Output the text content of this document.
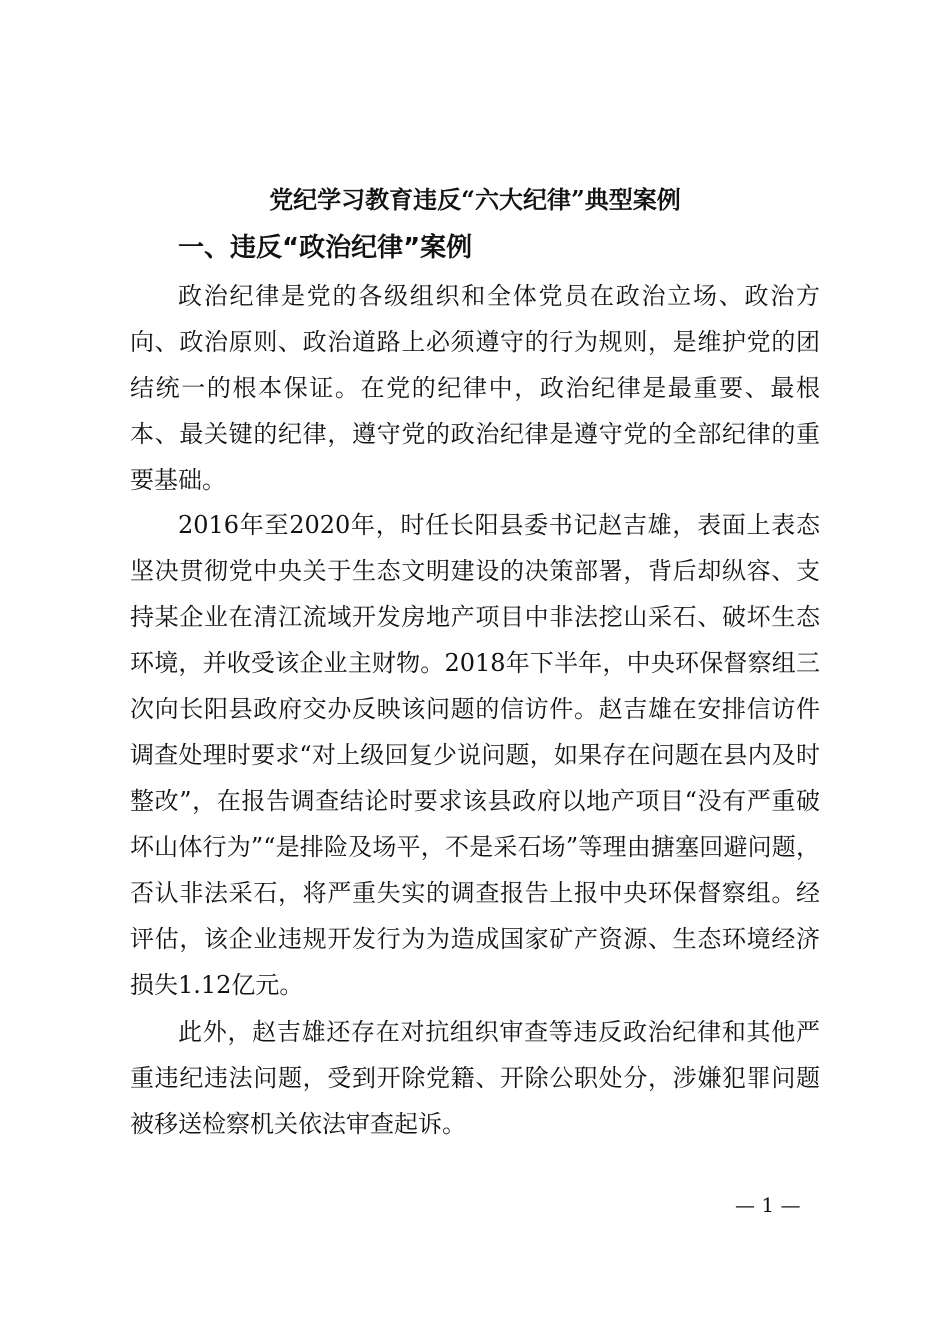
党纪学习教育违反“六大纪律”典型案例
一、违反“政治纪律”案例

政治纪律是党的各级组织和全体党员在政治立场、政治方向、政治原则、政治道路上必须遵守的行为规则，是维护党的团结统一的根本保证。在党的纪律中，政治纪律是最重要、最根本、最关键的纪律，遵守党的政治纪律是遵守党的全部纪律的重要基础。

2016年至2020年，时任长阳县委书记赵吉雄，表面上表态坚决贯彻党中央关于生态文明建设的决策部署，背后却纵容、支持某企业在清江流域开发房地产项目中非法挖山采石、破坏生态环境，并收受该企业主财物。2018年下半年，中央环保督察组三次向长阳县政府交办反映该问题的信访件。赵吉雄在安排信访件调查处理时要求“对上级回复少说问题，如果存在问题在县内及时整改”，在报告调查结论时要求该县政府以地产项目“没有严重破坏山体行为”“是排险及场平，不是采石场”等理由搪塞回避问题，否认非法采石，将严重失实的调查报告上报中央环保督察组。经评估，该企业违规开发行为为造成国家矿产资源、生态环境经济损失1.12亿元。

此外，赵吉雄还存在对抗组织审查等违反政治纪律和其他严重违纪违法问题，受到开除党籍、开除公职处分，涉嫌犯罪问题被移送检察机关依法审查起诉。

— 1 —
